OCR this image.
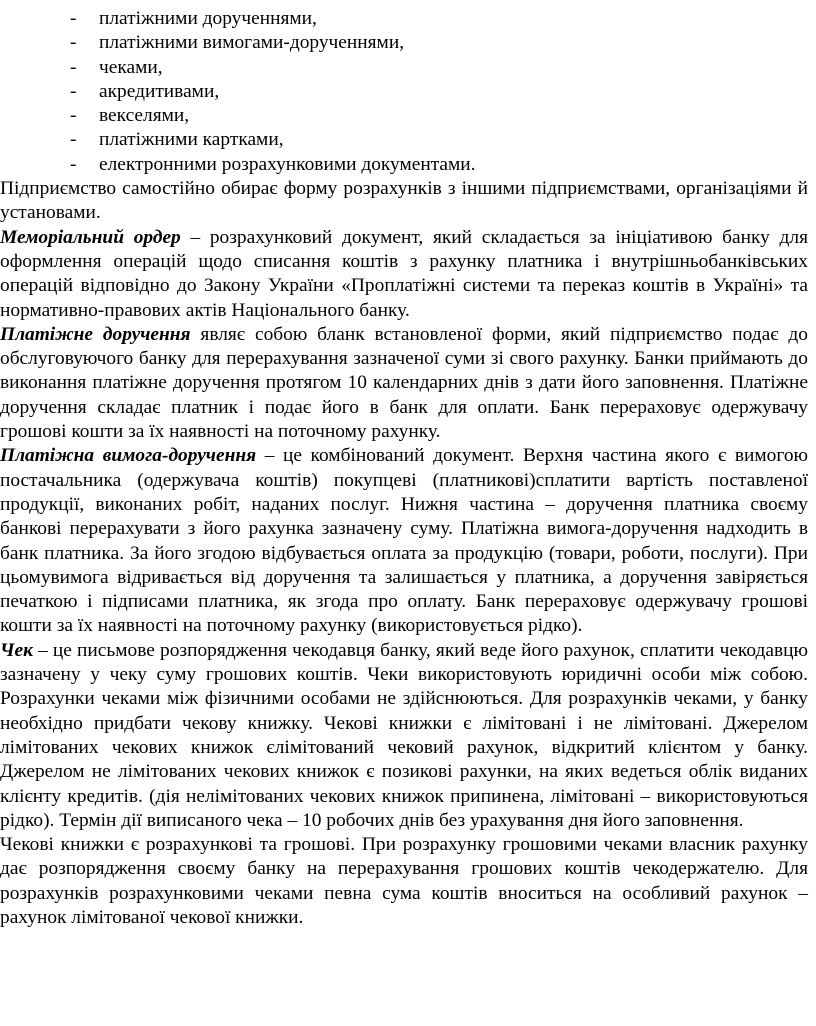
- платіжними дорученнями,
- платіжними вимогами-дорученнями,
- чеками,
- акредитивами,
- векселями,
- платіжними картками,
- електронними розрахунковими документами.

Підприємство самостійно обирає форму розрахунків з іншими підприємствами, організаціями й установами.

Меморіальний ордер – розрахунковий документ, який складається за ініціативою банку для оформлення операцій щодо списання коштів з рахунку платника і внутрішньобанківських операцій відповідно до Закону України «Проплатіжні системи та переказ коштів в Україні» та нормативно-правових актів Національного банку.

Платіжне доручення являє собою бланк встановленої форми, який підприємство подає до обслуговуючого банку для перерахування зазначеної суми зі свого рахунку. Банки приймають до виконання платіжне доручення протягом 10 календарних днів з дати його заповнення. Платіжне доручення складає платник і подає його в банк для оплати. Банк перераховує одержувачу грошові кошти за їх наявності на поточному рахунку.

Платіжна вимога-доручення – це комбінований документ. Верхня частина якого є вимогою постачальника (одержувача коштів) покупцеві (платникові)сплатити вартість поставленої продукції, виконаних робіт, наданих послуг. Нижня частина – доручення платника своєму банкові перерахувати з його рахунка зазначену суму. Платіжна вимога-доручення надходить в банк платника. За його згодою відбувається оплата за продукцію (товари, роботи, послуги). При цьомувимога відривається від доручення та залишається у платника, а доручення завіряється печаткою і підписами платника, як згода про оплату. Банк перераховує одержувачу грошові кошти за їх наявності на поточному рахунку (використовується рідко).

Чек – це письмове розпорядження чекодавця банку, який веде його рахунок, сплатити чекодавцю зазначену у чеку суму грошових коштів. Чеки використовують юридичні особи між собою. Розрахунки чеками між фізичними особами не здійснюються. Для розрахунків чеками, у банку необхідно придбати чекову книжку. Чекові книжки є лімітовані і не лімітовані. Джерелом лімітованих чекових книжок єлімітований чековий рахунок, відкритий клієнтом у банку. Джерелом не лімітованих чекових книжок є позикові рахунки, на яких ведеться облік виданих клієнту кредитів. (дія нелімітованих чекових книжок припинена, лімітовані – використовуються рідко). Термін дії виписаного чека – 10 робочих днів без урахування дня його заповнення.

Чекові книжки є розрахункові та грошові. При розрахунку грошовими чеками власник рахунку дає розпорядження своєму банку на перерахування грошових коштів чекодержателю. Для розрахунків розрахунковими чеками певна сума коштів вноситься на особливий рахунок – рахунок лімітованої чекової книжки.
